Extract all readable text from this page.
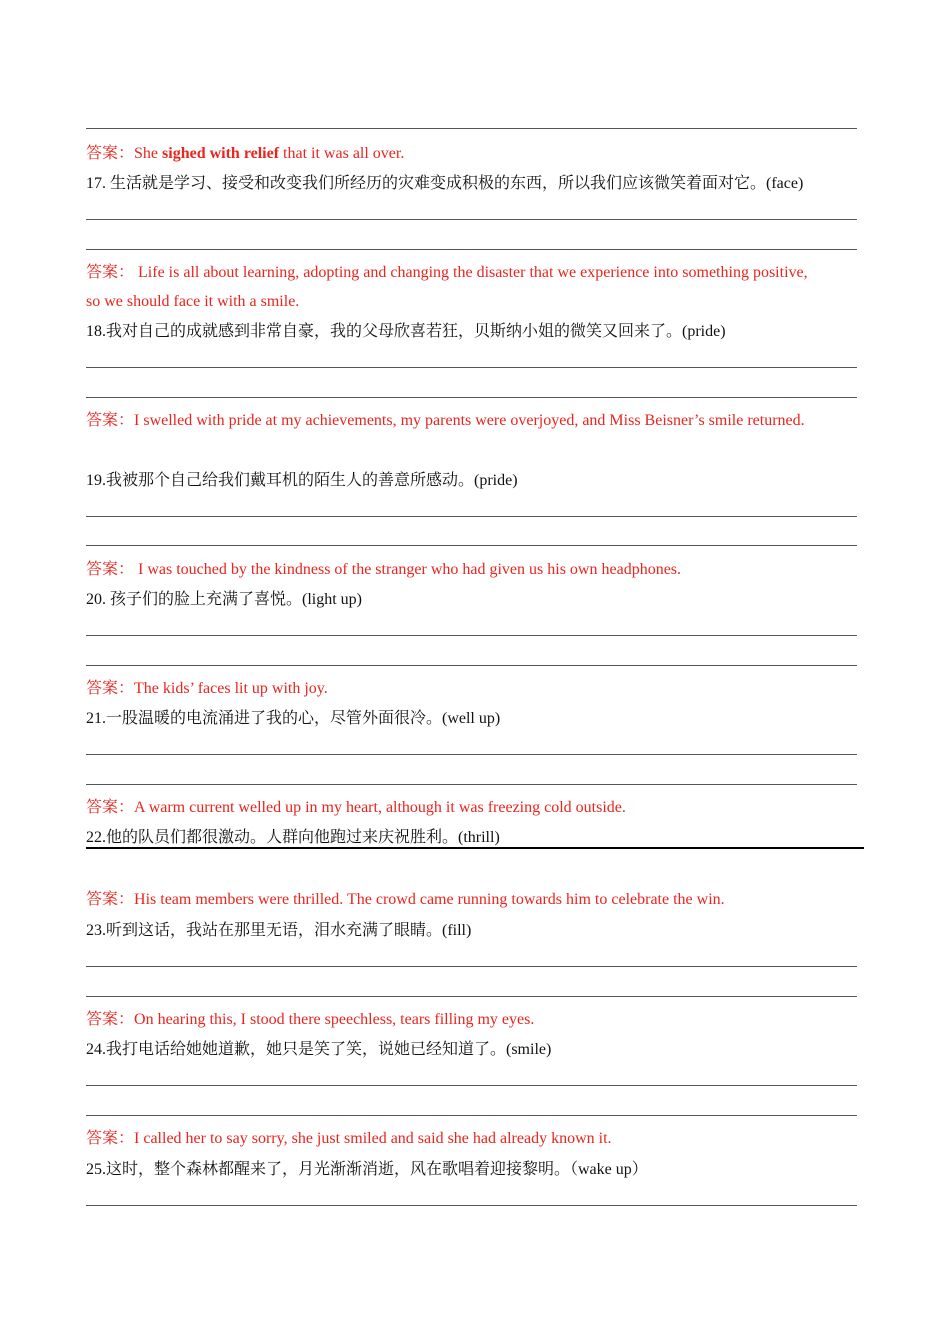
答案：She sighed with relief that it was all over.
17. 生活就是学习、接受和改变我们所经历的灾难变成积极的东西，所以我们应该微笑着面对它。(face)
答案： Life is all about learning, adopting and changing the disaster that we experience into something positive,
so we should face it with a smile.
18.我对自己的成就感到非常自豪，我的父母欣喜若狂，贝斯纳小姐的微笑又回来了。(pride)
答案：I swelled with pride at my achievements, my parents were overjoyed, and Miss Beisner’s smile returned.
19.我被那个自己给我们戴耳机的陌生人的善意所感动。(pride)
答案： I was touched by the kindness of the stranger who had given us his own headphones.
20. 孩子们的脸上充满了喜悦。(light up)
答案：The kids’ faces lit up with joy.
21.一股温暖的电流涌进了我的心，尽管外面很冷。(well up)
答案：A warm current welled up in my heart, although it was freezing cold outside.
22.他的队员们都很激动。人群向他跑过来庆祝胜利。(thrill)
答案：His team members were thrilled. The crowd came running towards him to celebrate the win.
23.听到这话，我站在那里无语，泪水充满了眼睛。(fill)
答案：On hearing this, I stood there speechless, tears filling my eyes.
24.我打电话给她她道歉，她只是笑了笑，说她已经知道了。(smile)
答案：I called her to say sorry, she just smiled and said she had already known it.
25.这时，整个森林都醒来了，月光渐渐消逝，风在歌唱着迎接黎明。（wake up）
